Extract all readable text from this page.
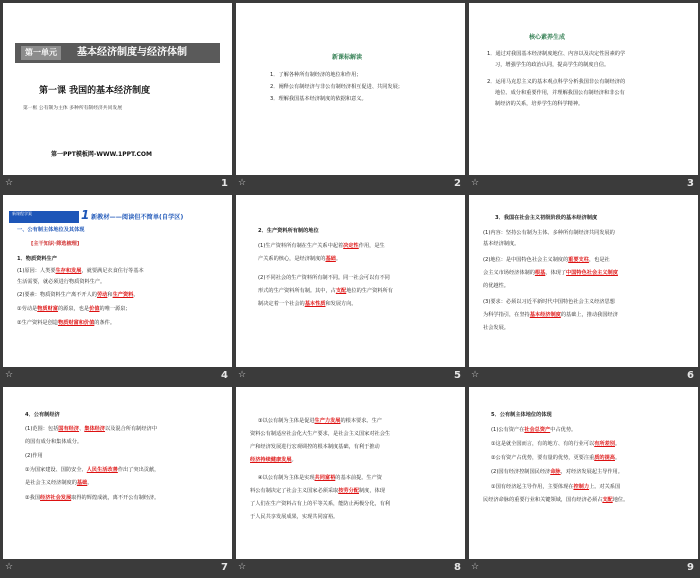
第一单元	基本经济制度与经济体制
第一课 我国的基本经济制度
第一框 公有制为主体 多种所有制经济共同发展
第一PPT模板网-WWW.1PPT.COM
☆	1
新课标解读
1．了解各种所有制经济的地位和作用；
2．阐释公有制经济与非公有制经济相互促进、共同发展；
3．理解我国基本经济制度的依据和意义。
☆	2
核心素养生成
1．通过对我国基本经济制度地位、内容以及决定性因素的学
习，增强学生的政治认同，提高学生的制度自信。
2．运用马克思主义的基本观点科学分析我国非公有制经济的
地位、成分和重要作用，并理解我国公有制经济和非公有
制经济的关系，培养学生的科学精神。
☆	3
新课程学案	1 新教材——阅读但不简单(自学区)
一、公有制主体地位及其体现
[主干知识·筛选梳理]
1．物质资料生产
(1)原因：人类要生存和发展，就要满足衣食住行等基本
生活需要，就必须进行物质资料生产。
(2)要素：物质资料生产离不开人的劳动和生产资料。
①劳动是物质财富的源泉，也是价值的唯一源泉；
②生产资料是创造物质财富和价值的条件。
☆	4
2．生产资料所有制的地位
(1)生产资料所有制在生产关系中起着决定性作用，是生
产关系的核心，是经济制度的基础。
(2)不同社会的生产资料所有制不同。同一社会可以有不同
形式的生产资料所有制。其中，占支配地位的生产资料所有
制决定着一个社会的基本性质和发展方向。
☆	5
3．我国在社会主义初级阶段的基本经济制度
(1)内容：坚持公有制为主体、多种所有制经济共同发展的
基本经济制度。
(2)地位：是中国特色社会主义制度的重要支柱，也是社
会主义市场经济体制的根基，体现了中国特色社会主义制度
的优越性。
(3)要求：必须以习近平新时代中国特色社会主义经济思想
为科学指引，在坚持基本经济制度的基础上，推动我国经济
社会发展。
☆	6
4．公有制经济
(1)范围：包括国有经济、集体经济以及混合所有制经济中
的国有成分和集体成分。
(2)作用
①为国家建设、国防安全、人民生活改善作出了突出贡献，
是社会主义经济制度的基础。
②我国经济社会发展取得的辉煌成就，离不开公有制经济。
☆	7
③以公有制为主体是促进生产力发展的根本要求。生产
资料公有制适应社会化大生产要求，是社会主义国家对社会生
产和经济发展进行宏观调控的根本制度基础，有利于推动
经济持续健康发展。
④以公有制为主体是实现共同富裕的基本前提。生产资
料公有制决定了社会主义国家必须采取按劳分配制度，体现
了人们在生产资料占有上的平等关系，能防止两极分化，有利
于人民共享发展成果，实现共同富裕。
☆	8
5．公有制主体地位的体现
(1)公有资产在社会总资产中占优势。
①这是就全国而言，有的地方、有的行业可以有所差别。
②公有资产占优势，要有量的优势，更要注重质的提高。
(2)国有经济控制国民经济命脉，对经济发展起主导作用。
①国有经济起主导作用，主要体现在控制力上。对关系国
民经济命脉的重要行业和关键领域，国有经济必须占支配地位。
☆	9
